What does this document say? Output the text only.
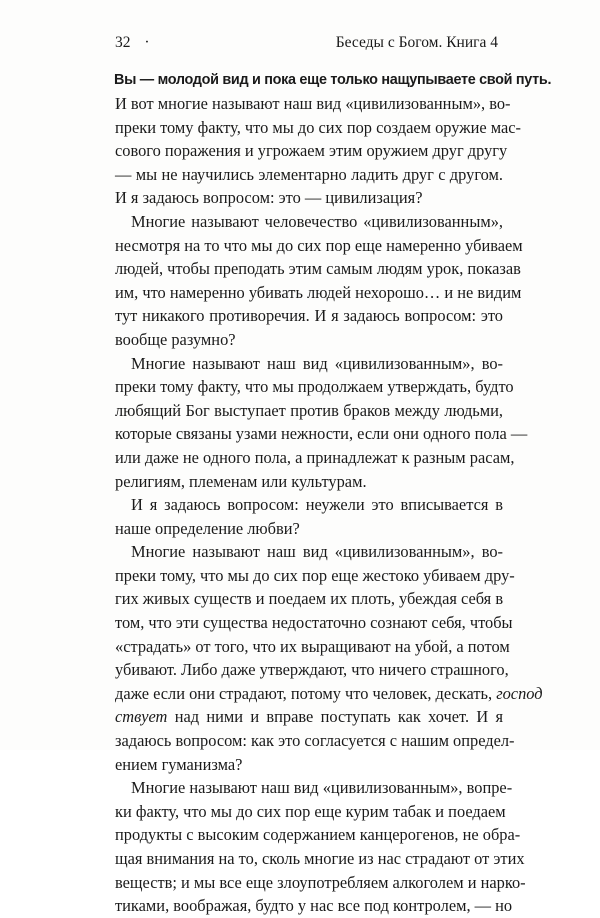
32 ·	Беседы с Богом. Книга 4
Вы — молодой вид и пока еще только нащупываете свой путь.
И вот многие называют наш вид «цивилизованным», во-
преки тому факту, что мы до сих пор создаем оружие мас-
сового поражения и угрожаем этим оружием друг другу
— мы не научились элементарно ладить друг с другом.
И я задаюсь вопросом: это — цивилизация?
Многие называют человечество «цивилизованным»,
несмотря на то что мы до сих пор еще намеренно убиваем
людей, чтобы преподать этим самым людям урок, показав
им, что намеренно убивать людей нехорошо… и не видим
тут никакого противоречия. И я задаюсь вопросом: это
вообще разумно?
Многие называют наш вид «цивилизованным», во-
преки тому факту, что мы продолжаем утверждать, будто
любящий Бог выступает против браков между людьми,
которые связаны узами нежности, если они одного пола —
или даже не одного пола, а принадлежат к разным расам,
религиям, племенам или культурам.
И я задаюсь вопросом: неужели это вписывается в
наше определение любви?
Многие называют наш вид «цивилизованным», во-
преки тому, что мы до сих пор еще жестоко убиваем дру-
гих живых существ и поедаем их плоть, убеждая себя в
том, что эти существа недостаточно сознают себя, чтобы
«страдать» от того, что их выращивают на убой, а потом
убивают. Либо даже утверждают, что ничего страшного,
даже если они страдают, потому что человек, дескать, господ
ствует над ними и вправе поступать как хочет. И я
задаюсь вопросом: как это согласуется с нашим определ-
ением гуманизма?
Многие называют наш вид «цивилизованным», вопре-
ки факту, что мы до сих пор еще курим табак и поедаем
продукты с высоким содержанием канцерогенов, не обра-
щая внимания на то, сколь многие из нас страдают от этих
веществ; и мы все еще злоупотребляем алкоголем и нарко-
тиками, воображая, будто у нас все под контролем, — но
